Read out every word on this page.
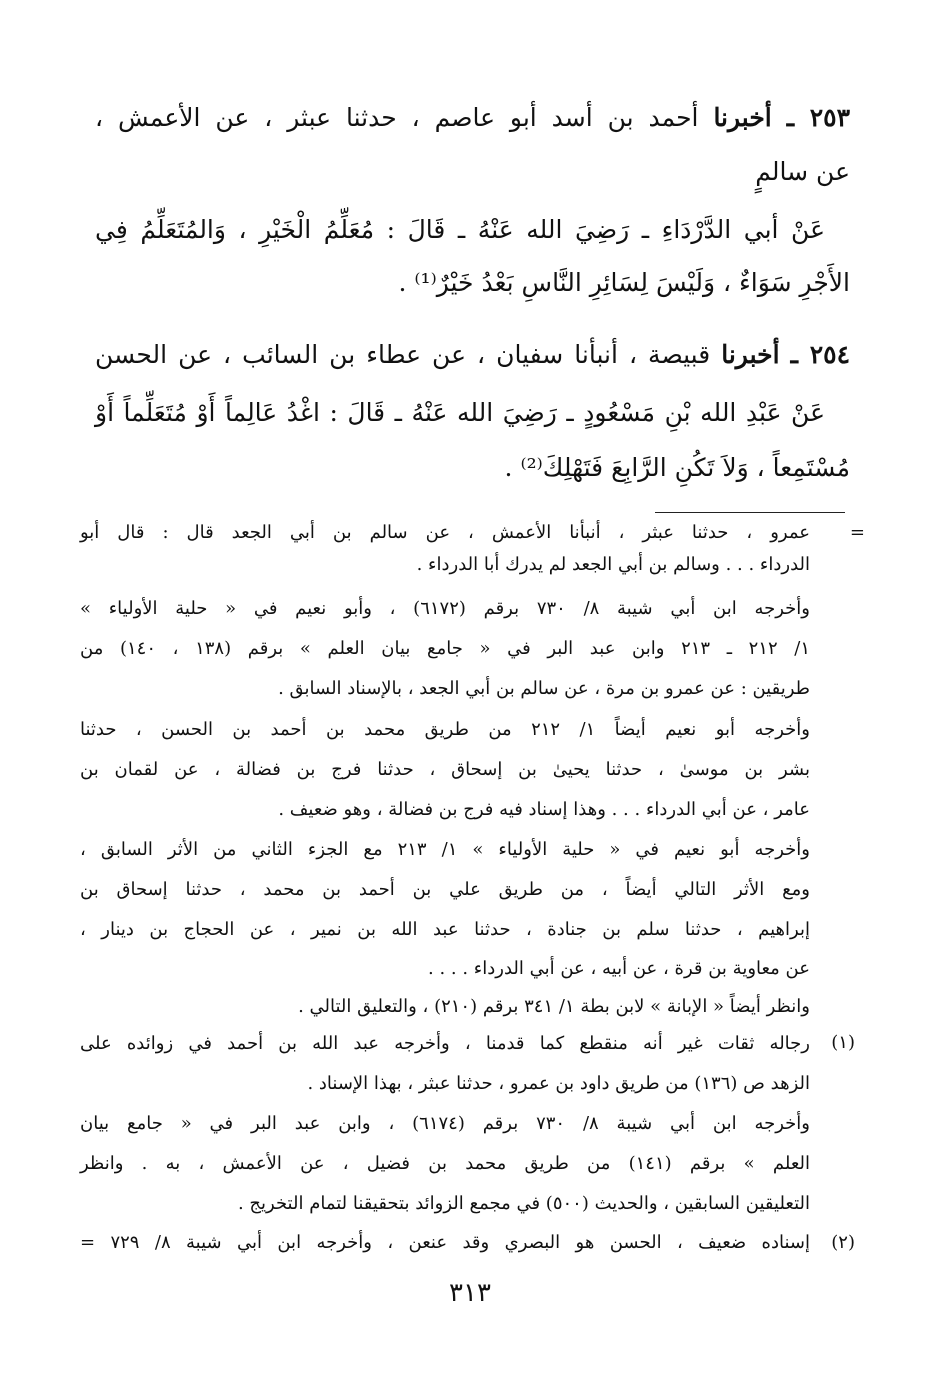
٢٥٣ ـ أخبرنا أحمد بن أسد أبو عاصم ، حدثنا عبثر ، عن الأعمش ،
عن سالمٍ
عَنْ أبي الدَّرْدَاءِ ـ رَضِيَ الله عَنْهُ ـ قَالَ : مُعَلِّمُ الْخَيْرِ ، وَالمُتَعَلِّمُ فِي
الأَجْرِ سَوَاءٌ ، وَلَيْسَ لِسَائِرِ النَّاسِ بَعْدُ خَيْرٌ⁽¹⁾ .
٢٥٤ ـ أخبرنا قبيصة ، أنبأنا سفيان ، عن عطاء بن السائب ، عن الحسن
عَنْ عَبْدِ الله بْنِ مَسْعُودٍ ـ رَضِيَ الله عَنْهُ ـ قَالَ : اغْدُ عَالِماً أَوْ مُتَعَلِّماً أَوْ
مُسْتَمِعاً ، وَلاَ تَكُنِ الرَّابِعَ فَتَهْلِكَ⁽²⁾ .
=
عمرو ، حدثنا عبثر ، أنبأنا الأعمش ، عن سالم بن أبي الجعد قال : قال أبو
الدرداء . . . وسالم بن أبي الجعد لم يدرك أبا الدرداء .
وأخرجه ابن أبي شيبة ٨/ ٧٣٠ برقم (٦١٧٢) ، وأبو نعيم في « حلية الأولياء »
١/ ٢١٢ ـ ٢١٣ وابن عبد البر في « جامع بيان العلم » برقم (١٣٨ ، ١٤٠) من
طريقين : عن عمرو بن مرة ، عن سالم بن أبي الجعد ، بالإسناد السابق .
وأخرجه أبو نعيم أيضاً ١/ ٢١٢ من طريق محمد بن أحمد بن الحسن ، حدثنا
بشر بن موسىٰ ، حدثنا يحيىٰ بن إسحاق ، حدثنا فرج بن فضالة ، عن لقمان بن
عامر ، عن أبي الدرداء . . . وهذا إسناد فيه فرج بن فضالة ، وهو ضعيف .
وأخرجه أبو نعيم في « حلية الأولياء » ١/ ٢١٣ مع الجزء الثاني من الأثر السابق ،
ومع الأثر التالي أيضاً ، من طريق علي بن أحمد بن محمد ، حدثنا إسحاق بن
إبراهيم ، حدثنا سلم بن جنادة ، حدثنا عبد الله بن نمير ، عن الحجاج بن دينار ،
عن معاوية بن قرة ، عن أبيه ، عن أبي الدرداء . . . .
وانظر أيضاً « الإبانة » لابن بطة ١/ ٣٤١ برقم (٢١٠) ، والتعليق التالي .
(١)
رجاله ثقات غير أنه منقطع كما قدمنا ، وأخرجه عبد الله بن أحمد في زوائده على
الزهد ص (١٣٦) من طريق داود بن عمرو ، حدثنا عبثر ، بهذا الإسناد .
وأخرجه ابن أبي شيبة ٨/ ٧٣٠ برقم (٦١٧٤) ، وابن عبد البر في « جامع بيان
العلم » برقم (١٤١) من طريق محمد بن فضيل ، عن الأعمش ، به . وانظر
التعليقين السابقين ، والحديث (٥٠٠) في مجمع الزوائد بتحقيقنا لتمام التخريج .
(٢)
إسناده ضعيف ، الحسن هو البصري وقد عنعن ، وأخرجه ابن أبي شيبة ٨/ ٧٢٩ =
٣١٣
